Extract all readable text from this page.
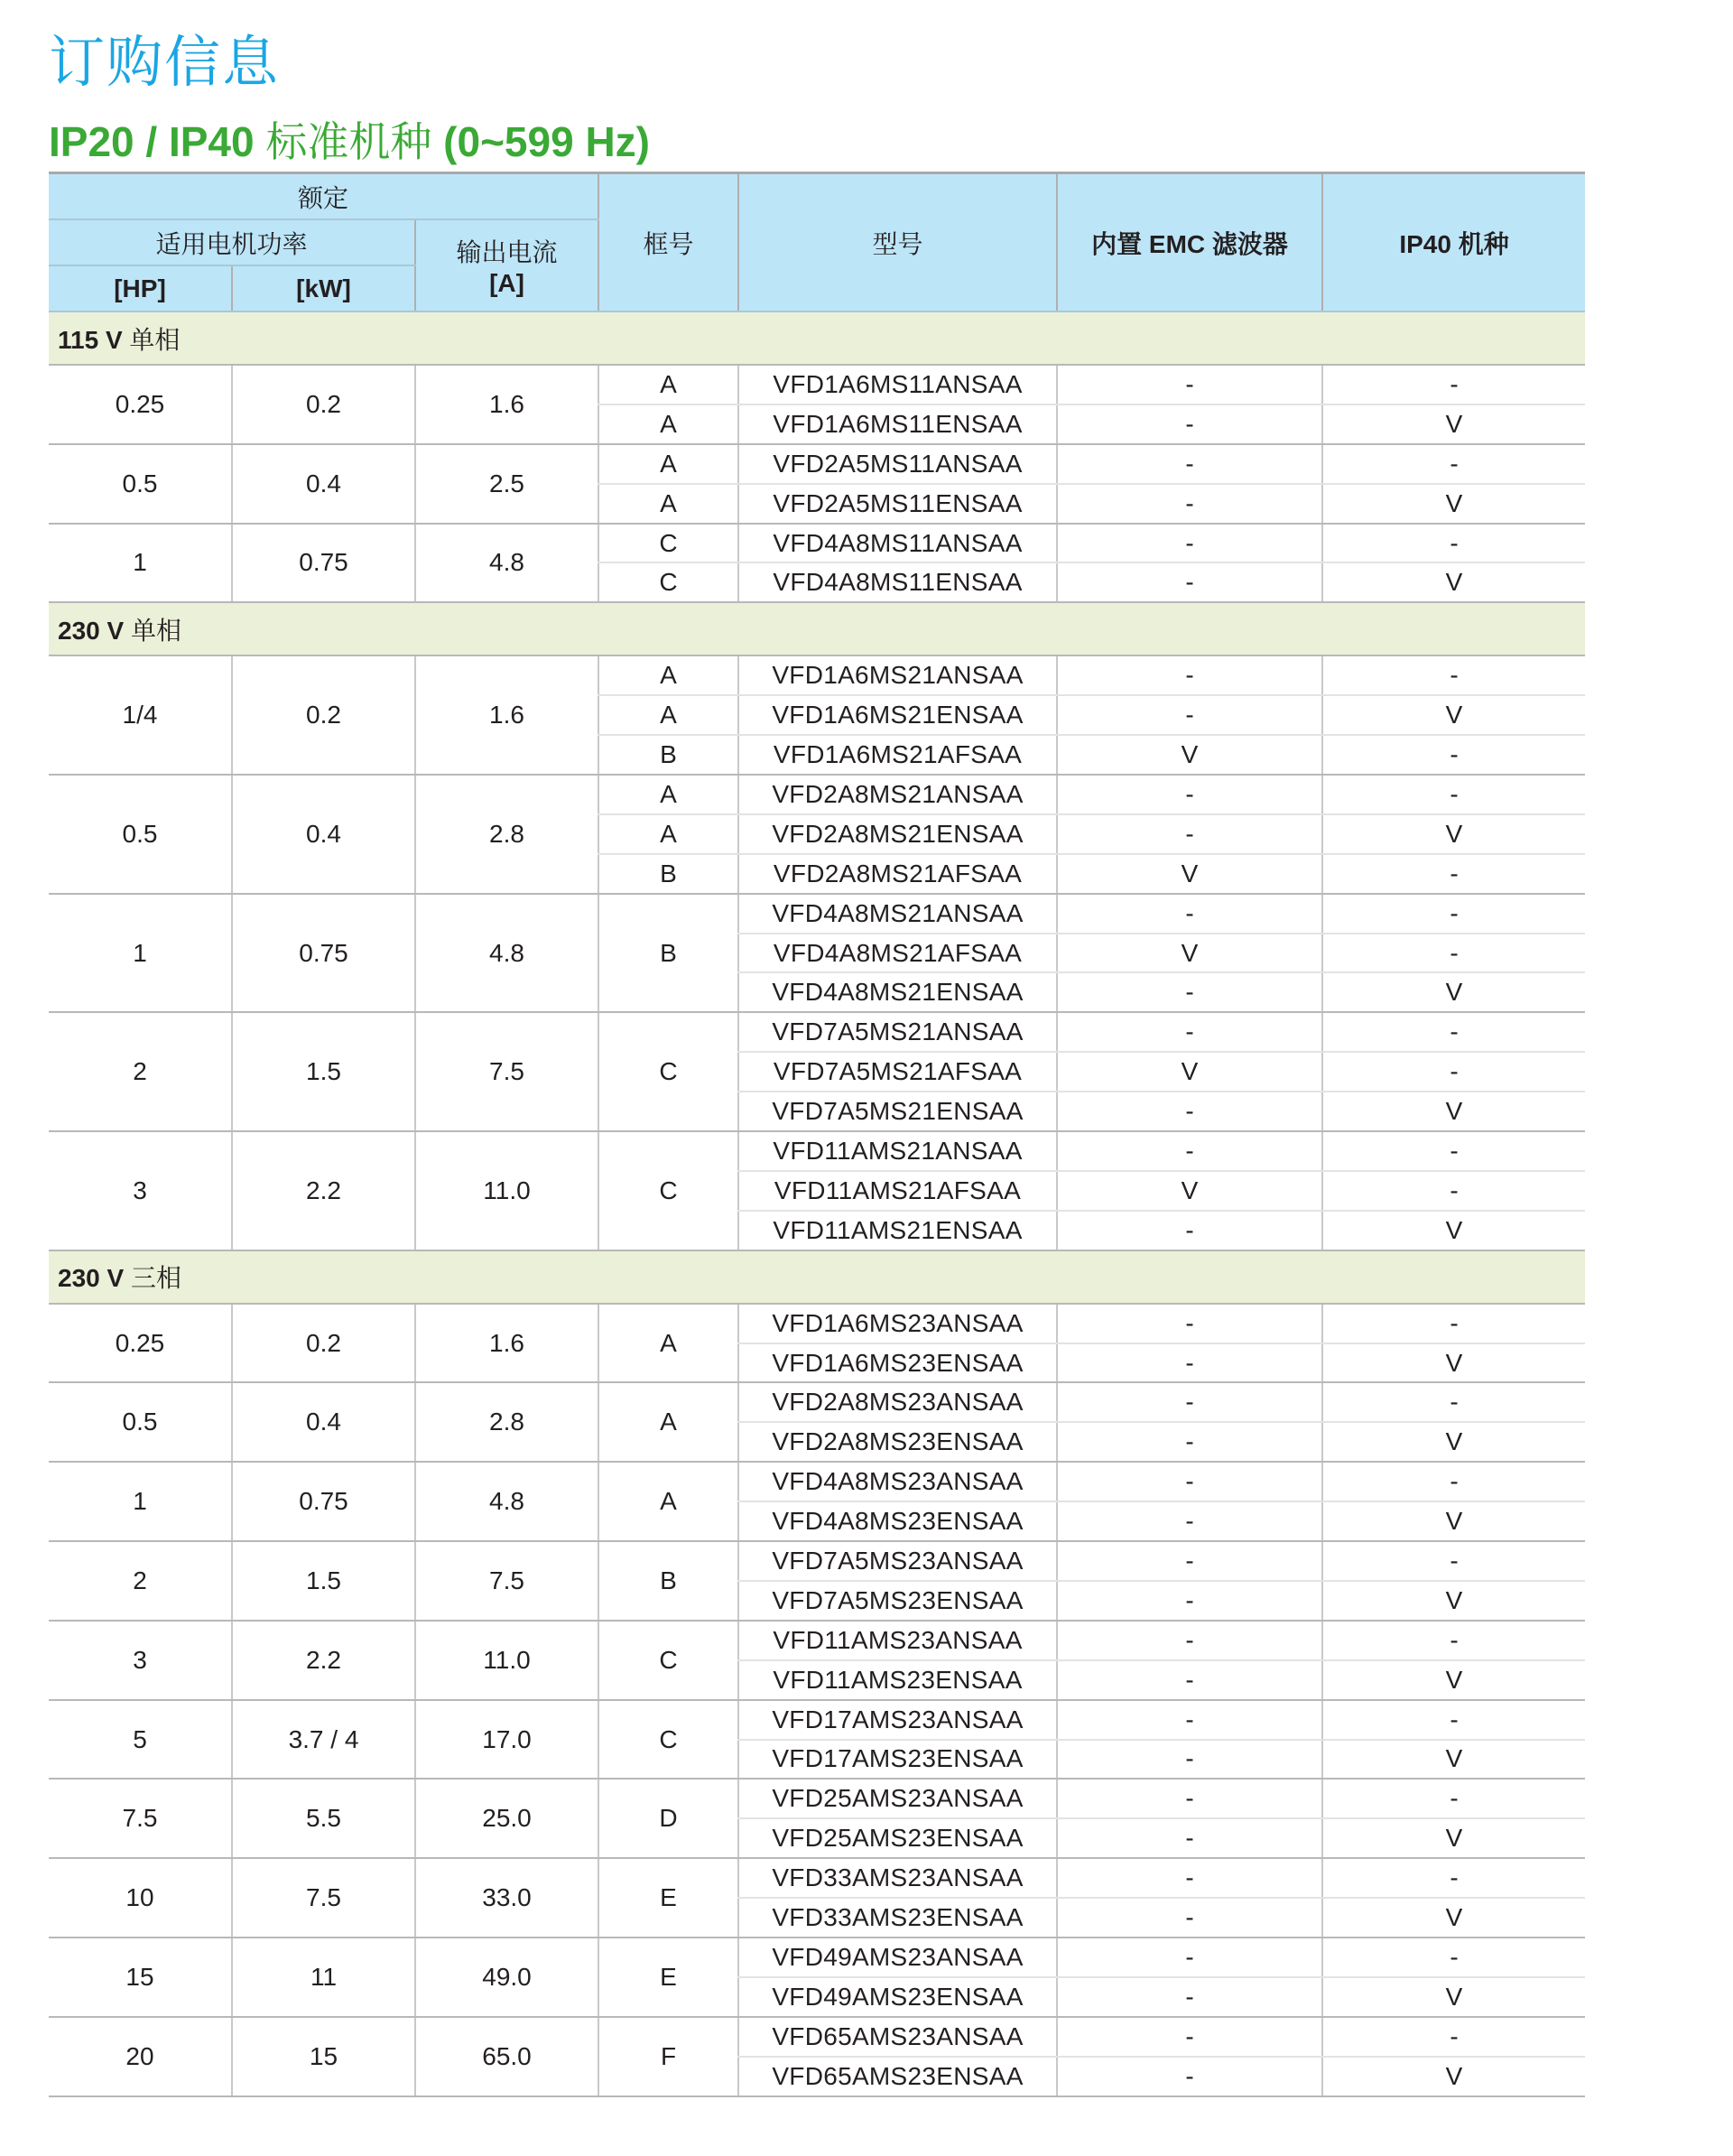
订购信息
IP20 / IP40 标准机种 (0~599 Hz)
额定			框号	型号	内置 EMC 滤波器	IP40 机种
适用电机功率		输出电流
[A]				
[HP]	[kW]					
115 V 单相						
0.25	0.2	1.6	A	VFD1A6MS11ANSAA	-	-
			A	VFD1A6MS11ENSAA	-	V
0.5	0.4	2.5	A	VFD2A5MS11ANSAA	-	-
			A	VFD2A5MS11ENSAA	-	V
1	0.75	4.8	C	VFD4A8MS11ANSAA	-	-
			C	VFD4A8MS11ENSAA	-	V
230 V 单相						
1/4	0.2	1.6	A	VFD1A6MS21ANSAA	-	-
			A	VFD1A6MS21ENSAA	-	V
			B	VFD1A6MS21AFSAA	V	-
0.5	0.4	2.8	A	VFD2A8MS21ANSAA	-	-
			A	VFD2A8MS21ENSAA	-	V
			B	VFD2A8MS21AFSAA	V	-
1	0.75	4.8	B	VFD4A8MS21ANSAA	-	-
				VFD4A8MS21AFSAA	V	-
				VFD4A8MS21ENSAA	-	V
2	1.5	7.5	C	VFD7A5MS21ANSAA	-	-
				VFD7A5MS21AFSAA	V	-
				VFD7A5MS21ENSAA	-	V
3	2.2	11.0	C	VFD11AMS21ANSAA	-	-
				VFD11AMS21AFSAA	V	-
				VFD11AMS21ENSAA	-	V
230 V 三相						
0.25	0.2	1.6	A	VFD1A6MS23ANSAA	-	-
				VFD1A6MS23ENSAA	-	V
0.5	0.4	2.8	A	VFD2A8MS23ANSAA	-	-
				VFD2A8MS23ENSAA	-	V
1	0.75	4.8	A	VFD4A8MS23ANSAA	-	-
				VFD4A8MS23ENSAA	-	V
2	1.5	7.5	B	VFD7A5MS23ANSAA	-	-
				VFD7A5MS23ENSAA	-	V
3	2.2	11.0	C	VFD11AMS23ANSAA	-	-
				VFD11AMS23ENSAA	-	V
5	3.7 / 4	17.0	C	VFD17AMS23ANSAA	-	-
				VFD17AMS23ENSAA	-	V
7.5	5.5	25.0	D	VFD25AMS23ANSAA	-	-
				VFD25AMS23ENSAA	-	V
10	7.5	33.0	E	VFD33AMS23ANSAA	-	-
				VFD33AMS23ENSAA	-	V
15	11	49.0	E	VFD49AMS23ANSAA	-	-
				VFD49AMS23ENSAA	-	V
20	15	65.0	F	VFD65AMS23ANSAA	-	-
				VFD65AMS23ENSAA	-	V
